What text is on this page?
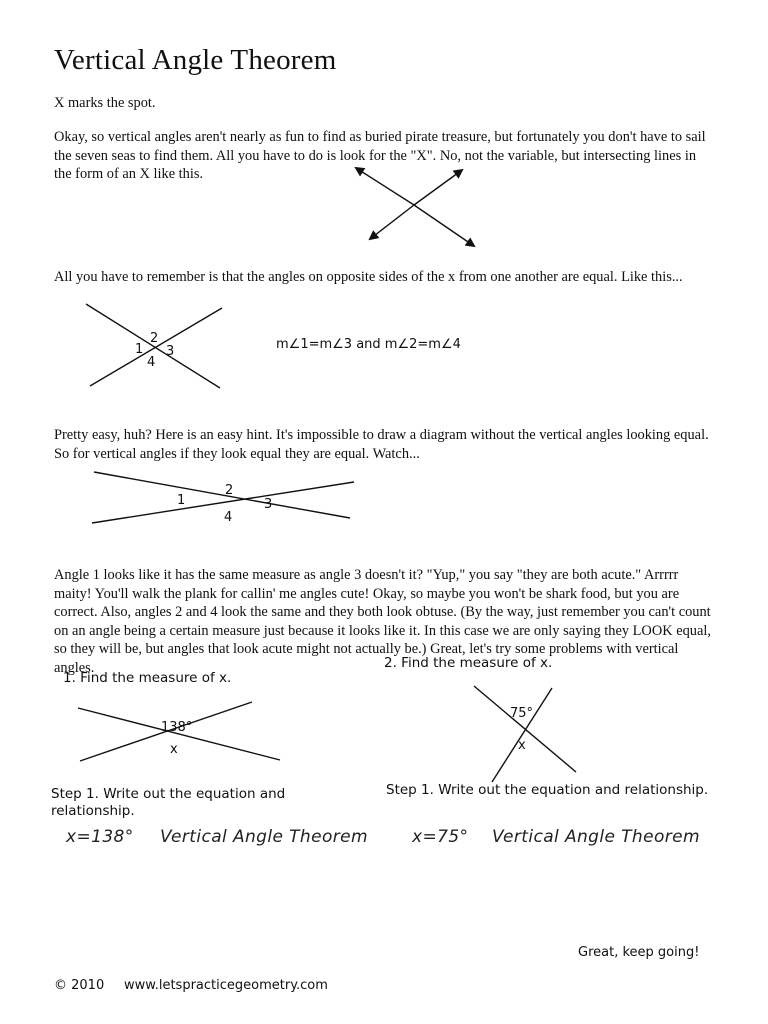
Vertical Angle Theorem
X marks the spot.
Okay, so vertical angles aren't nearly as fun to find as buried pirate treasure, but fortunately you don't have to sail the seven seas to find them. All you have to do is look for the "X". No, not the variable, but intersecting lines in the form of an X like this.
All you have to remember is that the angles on opposite sides of the x from one another are equal. Like this...
2
1 3
4
m∠1=m∠3 and m∠2=m∠4
Pretty easy, huh? Here is an easy hint. It's impossible to draw a diagram without the vertical angles looking equal. So for vertical angles if they look equal they are equal. Watch...
1
2
3
4
Angle 1 looks like it has the same measure as angle 3 doesn't it? "Yup," you say "they are both acute." Arrrrr maity! You'll walk the plank for callin' me angles cute! Okay, so maybe you won't be shark food, but you are correct. Also, angles 2 and 4 look the same and they both look obtuse. (By the way, just remember you can't count on an angle being a certain measure just because it looks like it. In this case we are only saying they LOOK equal, so they will be, but angles that look acute might not actually be.) Great, let's try some problems with vertical angles.	2. Find the measure of x.
1. Find the measure of x.
138°
x
75°
x
Step 1. Write out the equation and relationship.
Step 1. Write out the equation and relationship.
x=138° Vertical Angle Theorem	x=75° Vertical Angle Theorem
Great, keep going!
© 2010 www.letspracticegeometry.com
